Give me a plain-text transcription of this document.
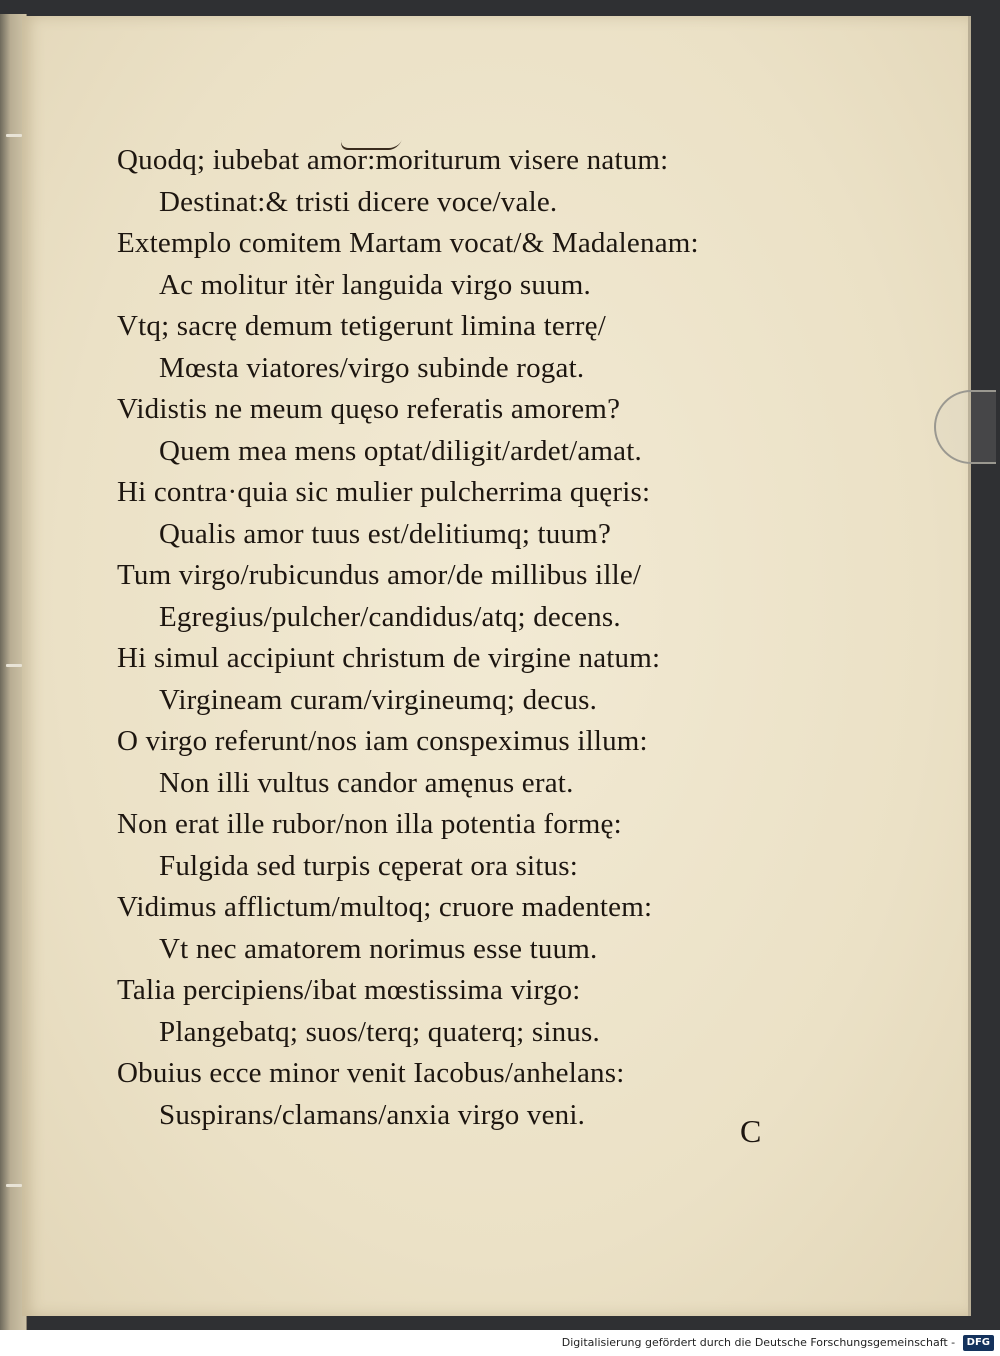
Quodq; iubebat amor:moriturum visere natum:
Destinat:& tristi dicere voce/vale.
Extemplo comitem Martam vocat/& Madalenam:
Ac molitur itèr languida virgo suum.
Vtq; sacrę demum tetigerunt limina terrę/
Mœsta viatores/virgo subinde rogat.
Vidistis ne meum quęso referatis amorem?
Quem mea mens optat/diligit/ardet/amat.
Hi contra·quia sic mulier pulcherrima quęris:
Qualis amor tuus est/delitiumq; tuum?
Tum virgo/rubicundus amor/de millibus ille/
Egregius/pulcher/candidus/atq; decens.
Hi simul accipiunt christum de virgine natum:
Virgineam curam/virgineumq; decus.
O virgo referunt/nos iam conspeximus illum:
Non illi vultus candor amęnus erat.
Non erat ille rubor/non illa potentia formę:
Fulgida sed turpis cęperat ora situs:
Vidimus afflictum/multoq; cruore madentem:
Vt nec amatorem norimus esse tuum.
Talia percipiens/ibat mœstissima virgo:
Plangebatq; suos/terq; quaterq; sinus.
Obuius ecce minor venit Iacobus/anhelans:
Suspirans/clamans/anxia virgo veni.	C
Digitalisierung gefördert durch die Deutsche Forschungsgemeinschaft - DFG
